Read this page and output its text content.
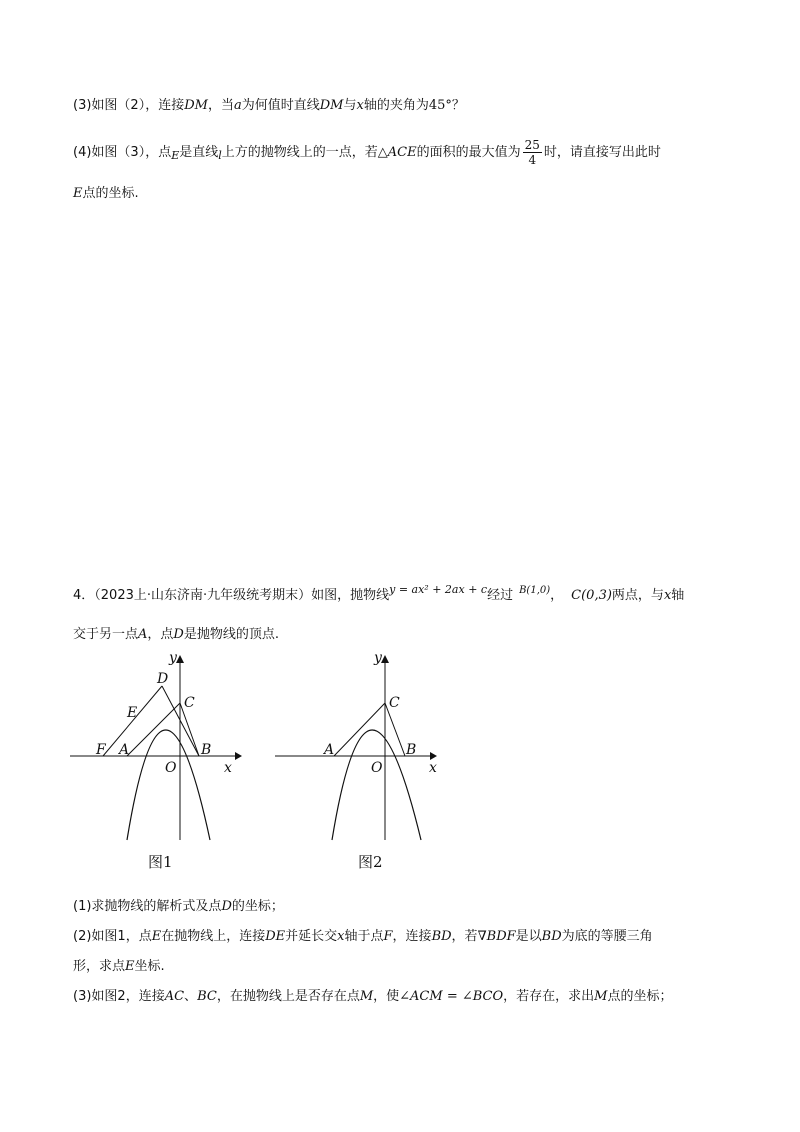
(3)如图（2），连接DM，当a为何值时直线DM与x轴的夹角为45°？
(4)如图（3），点$_E$是直线$_l$上方的抛物线上的一点，若△ACE的面积的最大值为 $\frac{25}{4}$ 时，请直接写出此时
E点的坐标.
4．（2023上·山东济南·九年级统考期末）如图，抛物线$^{y = ax^2 + 2ax + c}$经过 $^{B(1,0)}$， C(0,3)两点，与x轴
交于另一点A，点D是抛物线的顶点.
y
D
C
E
F A
O
B
x
图1
y
C
A
O
B
x
图2
(1)求抛物线的解析式及点D的坐标；
(2)如图1，点E在抛物线上，连接DE并延长交x轴于点F，连接BD，若∇BDF是以BD为底的等腰三角
形，求点E坐标.
(3)如图2，连接AC、BC，在抛物线上是否存在点M，使∠ACM = ∠BCO，若存在，求出M点的坐标；
